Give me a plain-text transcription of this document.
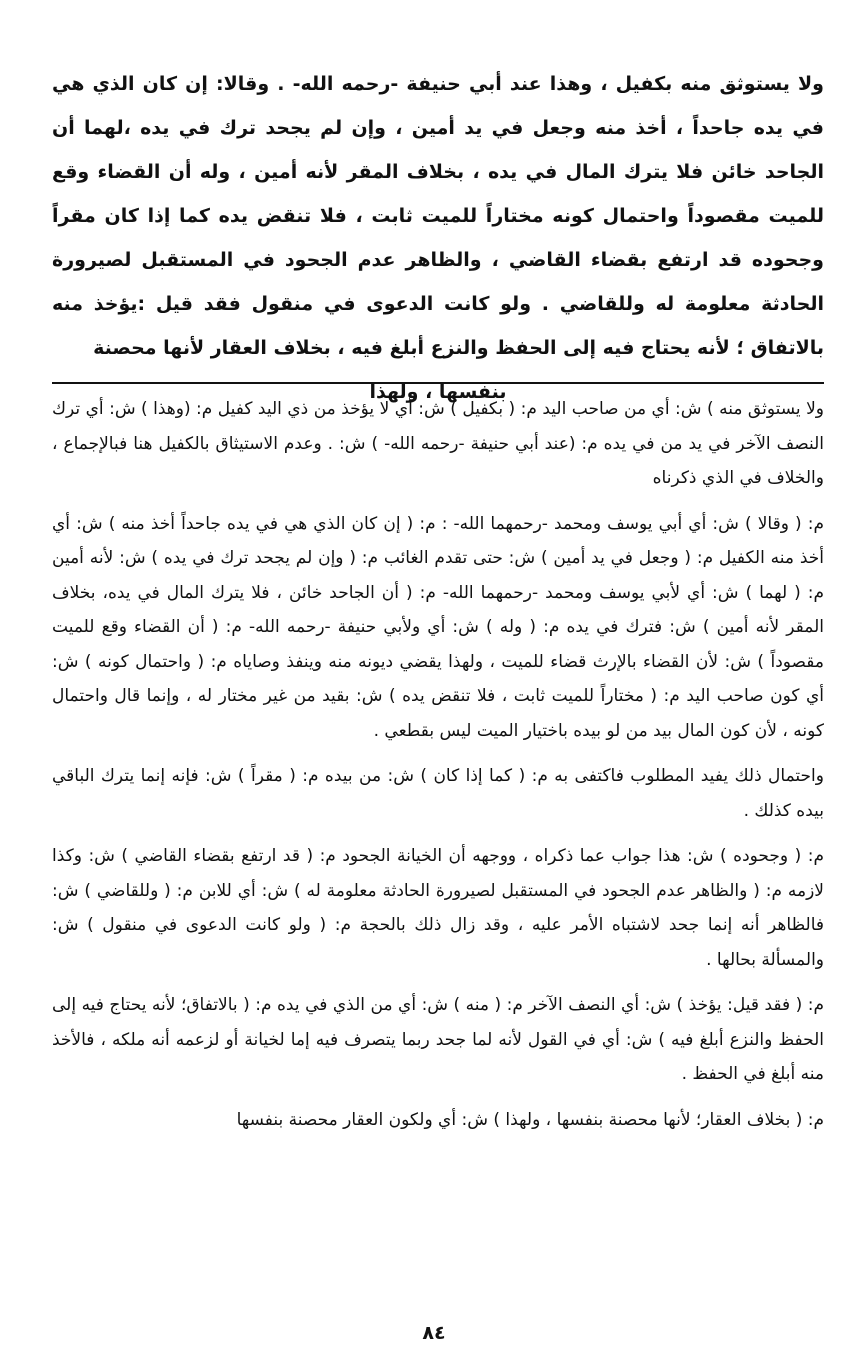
ولا يستوثق منه بكفيل ، وهذا عند أبي حنيفة -رحمه الله- . وقالا: إن كان الذي هي في يده جاحداً ، أخذ منه وجعل في يد أمين ، وإن لم يجحد ترك في يده ،لهما أن الجاحد خائن فلا يترك المال في يده ، بخلاف المقر لأنه أمين ، وله أن القضاء وقع للميت مقصوداً واحتمال كونه مختاراً للميت ثابت ، فلا تنقض يده كما إذا كان مقراً وجحوده قد ارتفع بقضاء القاضي ، والظاهر عدم الجحود في المستقبل لصيرورة الحادثة معلومة له وللقاضي . ولو كانت الدعوى في منقول فقد قيل :يؤخذ منه بالاتفاق ؛ لأنه يحتاج فيه إلى الحفظ والنزع أبلغ فيه ، بخلاف العقار لأنها محصنة

بنفسها ، ولهذا

ولا يستوثق منه ) ش: أي من صاحب اليد م: ( بكفيل ) ش: أي لا يؤخذ من ذي اليد كفيل م: (وهذا ) ش: أي ترك النصف الآخر في يد من في يده م: (عند أبي حنيفة -رحمه الله- ) ش: . وعدم الاستيثاق بالكفيل هنا فبالإجماع ، والخلاف في الذي ذكرناه

م: ( وقالا ) ش: أي أبي يوسف ومحمد -رحمهما الله- : م: ( إن كان الذي هي في يده جاحداً أخذ منه ) ش: أي أخذ منه الكفيل م: ( وجعل في يد أمين ) ش: حتى تقدم الغائب م: ( وإن لم يجحد ترك في يده ) ش: لأنه أمين م: ( لهما ) ش: أي لأبي يوسف ومحمد -رحمهما الله- م: ( أن الجاحد خائن ، فلا يترك المال في يده، بخلاف المقر لأنه أمين ) ش: فترك في يده م: ( وله ) ش: أي ولأبي حنيفة -رحمه الله- م: ( أن القضاء وقع للميت مقصوداً ) ش: لأن القضاء بالإرث قضاء للميت ، ولهذا يقضي ديونه منه وينفذ وصاياه م: ( واحتمال كونه ) ش: أي كون صاحب اليد م: ( مختاراً للميت ثابت ، فلا تنقض يده ) ش: بقيد من غير مختار له ، وإنما قال واحتمال كونه ، لأن كون المال بيد من لو بيده باختيار الميت ليس بقطعي .

واحتمال ذلك يفيد المطلوب فاكتفى به م: ( كما إذا كان ) ش: من بيده م: ( مقراً ) ش: فإنه إنما يترك الباقي بيده كذلك .

م: ( وجحوده ) ش: هذا جواب عما ذكراه ، ووجهه أن الخيانة الجحود م: ( قد ارتفع بقضاء القاضي ) ش: وكذا لازمه م: ( والظاهر عدم الجحود في المستقبل لصيرورة الحادثة معلومة له ) ش: أي للابن م: ( وللقاضي ) ش: فالظاهر أنه إنما جحد لاشتباه الأمر عليه ، وقد زال ذلك بالحجة م: ( ولو كانت الدعوى في منقول ) ش: والمسألة بحالها .

م: ( فقد قيل: يؤخذ ) ش: أي النصف الآخر م: ( منه ) ش: أي من الذي في يده م: ( بالاتفاق؛ لأنه يحتاج فيه إلى الحفظ والنزع أبلغ فيه ) ش: أي في القول لأنه لما جحد ربما يتصرف فيه إما لخيانة أو لزعمه أنه ملكه ، فالأخذ منه أبلغ في الحفظ .

م: ( بخلاف العقار؛ لأنها محصنة بنفسها ، ولهذا ) ش: أي ولكون العقار محصنة بنفسها

٨٤
